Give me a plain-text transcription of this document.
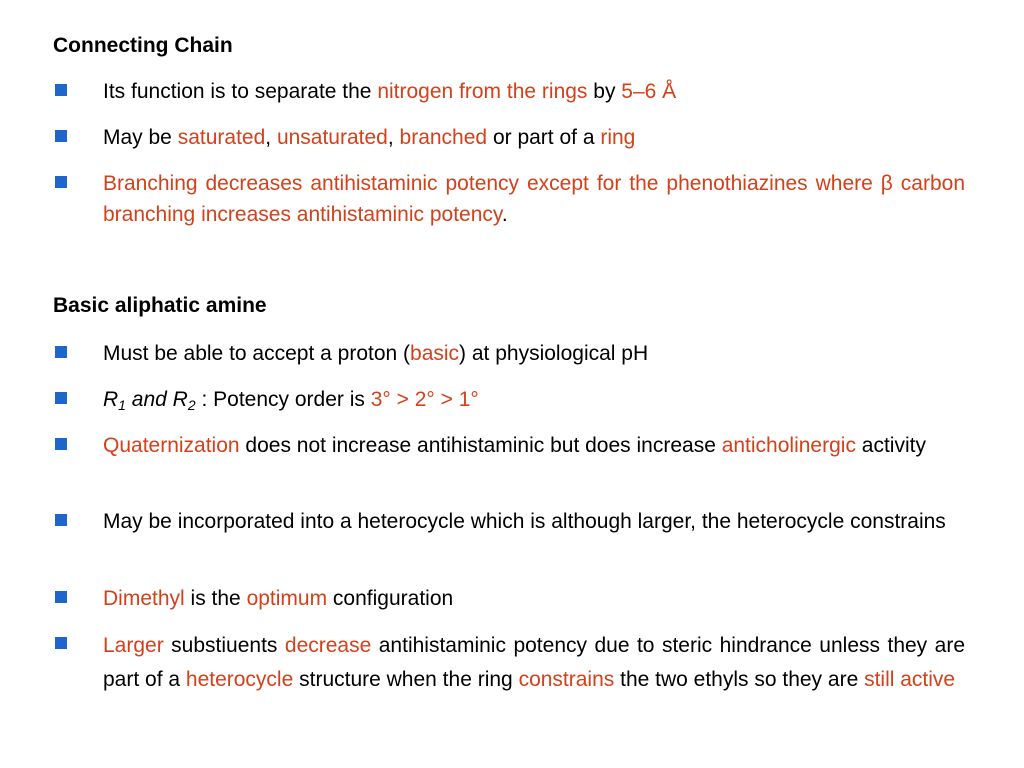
Connecting Chain
Its function is to separate the nitrogen from the rings by 5–6 Å
May be saturated, unsaturated, branched or part of a ring
Branching decreases antihistaminic potency except for the phenothiazines where β carbon branching increases antihistaminic potency.
Basic aliphatic amine
Must be able to accept a proton (basic) at physiological pH
$R_1$ and $R_2$ : Potency order is 3° > 2° > 1°
Quaternization does not increase antihistaminic but does increase anticholinergic activity
May be incorporated into a heterocycle which is although larger, the heterocycle constrains
Dimethyl is the optimum configuration
Larger substiuents decrease antihistaminic potency due to steric hindrance unless they are part of a heterocycle structure when the ring constrains the two ethyls so they are still active
